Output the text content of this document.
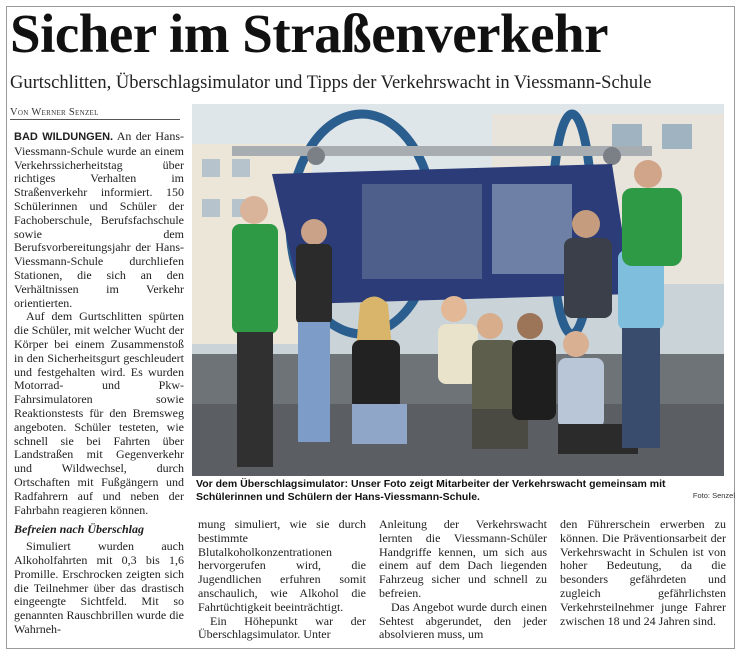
Sicher im Straßenverkehr
Gurtschlitten, Überschlagsimulator und Tipps der Verkehrswacht in Viessmann-Schule
Von Werner Senzel

BAD WILDUNGEN. An der Hans-Viessmann-Schule wurde an einem Verkehrssicherheitstag über richtiges Verhalten im Straßenverkehr informiert. 150 Schülerinnen und Schüler der Fachoberschule, Berufsfachschule sowie dem Berufsvorbereitungsjahr der Hans-Viessmann-Schule durchliefen Stationen, die sich an den Verhältnissen im Verkehr orientierten.

Auf dem Gurtschlitten spürten die Schüler, mit welcher Wucht der Körper bei einem Zusammenstoß in den Sicherheitsgurt geschleudert und festgehalten wird. Es wurden Motorrad- und Pkw-Fahrsimulatoren sowie Reaktionstests für den Bremsweg angeboten. Schüler testeten, wie schnell sie bei Fahrten über Landstraßen mit Gegenverkehr und Wildwechsel, durch Ortschaften mit Fußgängern und Radfahrern auf und neben der Fahrbahn reagieren können.

Befreien nach Überschlag

Simuliert wurden auch Alkoholfahrten mit 0,3 bis 1,6 Promille. Erschrocken zeigten sich die Teilnehmer über das drastisch eingeengte Sichtfeld. Mit so genannten Rauschbrillen wurde die Wahrneh-

Vor dem Überschlagsimulator: Unser Foto zeigt Mitarbeiter der Verkehrswacht gemeinsam mit Schülerinnen und Schülern der Hans-Viessmann-Schule.	Foto: Senzel

mung simuliert, wie sie durch bestimmte Blutalkoholkonzentrationen hervorgerufen wird, die Jugendlichen erfuhren somit anschaulich, wie Alkohol die Fahrtüchtigkeit beeinträchtigt.

Ein Höhepunkt war der Überschlagsimulator. Unter

Anleitung der Verkehrswacht lernten die Viessmann-Schüler Handgriffe kennen, um sich aus einem auf dem Dach liegenden Fahrzeug sicher und schnell zu befreien.

Das Angebot wurde durch einen Sehtest abgerundet, den jeder absolvieren muss, um

den Führerschein erwerben zu können. Die Präventionsarbeit der Verkehrswacht in Schulen ist von hoher Bedeutung, da die besonders gefährdeten und zugleich gefährlichsten Verkehrsteilnehmer junge Fahrer zwischen 18 und 24 Jahren sind.
